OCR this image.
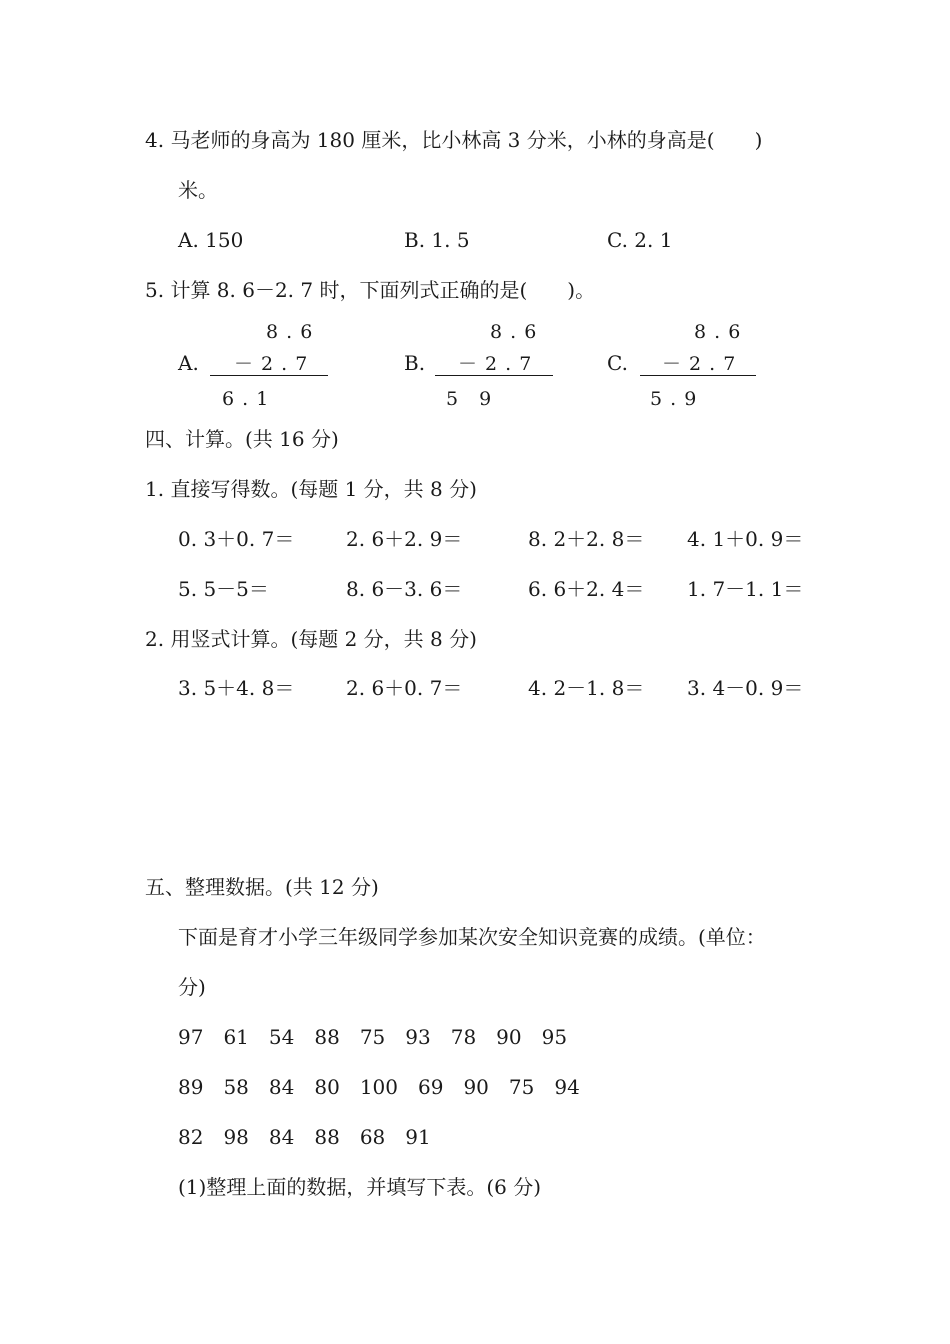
4. 马老师的身高为 180 厘米，比小林高 3 分米，小林的身高是(　　)
米。
A. 150	B. 1. 5	C. 2. 1
5. 计算 8. 6－2. 7 时，下面列式正确的是(　　)。
A.
8 . 6
－ 2 . 7
6 . 1
B.
8 . 6
－ 2 . 7
5　9
C.
8 . 6
－ 2 . 7
5 . 9
四、计算。(共 16 分)
1. 直接写得数。(每题 1 分，共 8 分)
0. 3＋0. 7＝	2. 6＋2. 9＝	8. 2＋2. 8＝ 4. 1＋0. 9＝
5. 5－5＝	8. 6－3. 6＝	6. 6＋2. 4＝ 1. 7－1. 1＝
2. 用竖式计算。(每题 2 分，共 8 分)
3. 5＋4. 8＝	2. 6＋0. 7＝	4. 2－1. 8＝ 3. 4－0. 9＝
五、整理数据。(共 12 分)
下面是育才小学三年级同学参加某次安全知识竞赛的成绩。(单位：
分)
97 61 54 88 75 93 78 90 95
89 58 84 80 100 69 90 75 94
82 98 84 88 68 91
(1)整理上面的数据，并填写下表。(6 分)
